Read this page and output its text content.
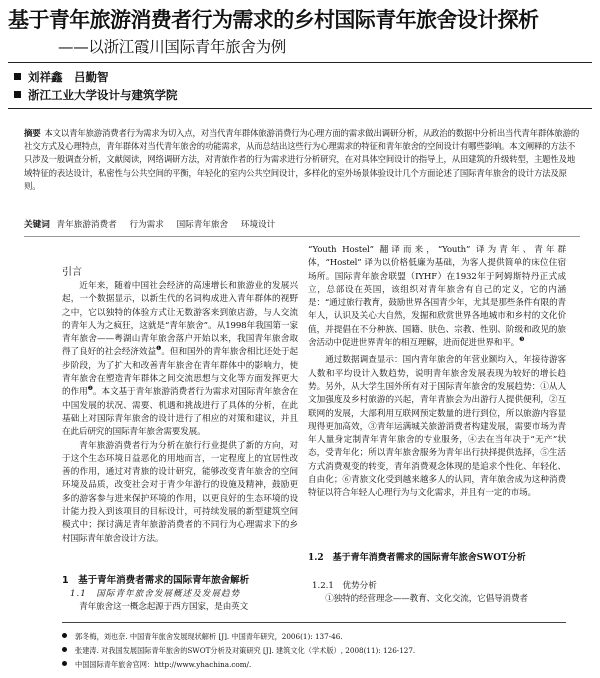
基于青年旅游消费者行为需求的乡村国际青年旅舍设计探析
——以浙江霞川国际青年旅舍为例
刘祥鑫　吕勤智
浙江工业大学设计与建筑学院
摘要 本文以青年旅游消费者行为需求为切入点，对当代青年群体旅游消费行为心理方面的需求做出调研分析，从政治的数据中分析出当代青年群体旅游的社交方式及心理特点，青年群体对当代青年旅舍的功能需求，从而总结出这些行为心理需求的特征和青年旅舍的空间设计有哪些影响。本文阐释的方法不只涉及一般调查分析，文献阅读，网络调研方法，对青旅作者的行为需求进行分析研究，在对具体空间设计的指导上，从田建筑的升级转型，主题性及地域特征的表达设计，私密性与公共空间的平衡，年轻化的室内公共空间设计，多样化的室外场景体验设计几个方面论述了国际青年旅舍的设计方法及原则。
关键词 青年旅游消费者 行为需求 国际青年旅舍 环境设计
引言

近年来，随着中国社会经济的高速增长和旅游业的发展兴起，一个数据显示，以新生代的名词构成进入青年群体的视野之中，它以独特的体验方式让无数游客来到旅店游，与人交流的青年人为之疯狂，这就是“青年旅舍”。从1998年我国第一家青年旅舍——粤湖山青年旅舍落户开始以来，我国青年旅舍取得了良好的社会经济效益$^❶$。但和国外的青年旅舍相比还处于起步阶段，为了扩大和改善青年旅舍在青年群体中的影响力，使青年旅舍在塑造青年群体之间交流思想与文化等方面发挥更大的作用$^❷$。本文基于青年旅游消费者行为需求对国际青年旅舍在中国发展的状况、需要、机遇和挑战进行了具体的分析，在此基础上对国际青年旅舍的设计进行了相应的对策和建议，并且在此后研究的国际青年旅舍需要发展。

青年旅游消费者行为分析在旅行行业提供了新的方向，对于这个生态环境日益恶化的用地而言，一定程度上的宜居性改善的作用，通过对青旅的设计研究，能够改变青年旅舍的空间环境及品质，改变社会对于青少年游行的设施及精神，鼓励更多的游客参与进来保护环境的作用，以更良好的生态环境的设计能力投入到该项目的目标设计，可持续发展的新型建筑空间模式中；探讨满足青年旅游消费者的不同行为心理需求下的乡村国际青年旅舍设计方法。

1　基于青年消费者需求的国际青年旅舍解析
1.1　国际青年旅舍发展概述及发展趋势

青年旅舍这一概念起源于西方国家，是由英文

“Youth Hostel” 翻译而来，“Youth” 译为青年、青年群体，“Hostel” 译为以价格低廉为基础，为客人提供简单的床位住宿场所。国际青年旅舍联盟（IYHF）在1932年于阿姆斯特丹正式成立，总部设在英国，该组织对青年旅舍有自己的定义，它的内涵是：“通过旅行教育，鼓励世界各国青少年，尤其是那些条件有限的青年人，认识及关心大自然，发掘和欣赏世界各地城市和乡村的文化价值，并提倡在不分种族、国籍、肤色、宗教、性别、阶级和政见的旅舍活动中促进世界青年的相互理解，进而促进世界和平。$^❸$

通过数据调查显示：国内青年旅舍的年营业额均入，年接待游客人数和平均设计入数趋势，说明青年旅舍发展表现为较好的增长趋势。另外，从大学生国外所有对于国际青年旅舍的发展趋势：①从人文加强度及乡村旅游的兴起，青年青旅会为出游行人提供便利，②互联网的发展，大部利用互联网预定数量的进行到位，所以旅游内容显现得更加高效，③青年运满城关旅游消费者构建发展，需要市场为青年人量身定制青年青年旅舍的专业服务，④去在当年决于“无产”状态，受青年化；所以青年旅舍服务为青年出行抉择提供选择，⑤生活方式消费观变的转变，青年消费观念体现的是追求个性化、年轻化、自由化；⑥青旅文化受到越来越多人的认同，青年旅舍成为这种消费特征以符合年轻人心理行为与文化需求，并且有一定的市场。

1.2　基于青年消费者需求的国际青年旅舍SWOT分析
1.2.1　优势分析

①独特的经营理念——教育、文化交流，它倡导消费者

郭冬梅，刘也奈. 中国青年旅舍发展现状解析 [J]. 中国青年研究，2006(1): 137-46.
张建涛. 对我国发展国际青年旅舍的SWOT分析及对策研究 [J]. 建筑文化（学术版）, 2008(11): 126-127.
中国国际青年旅舍官网：http://www.yhachina.com/.
